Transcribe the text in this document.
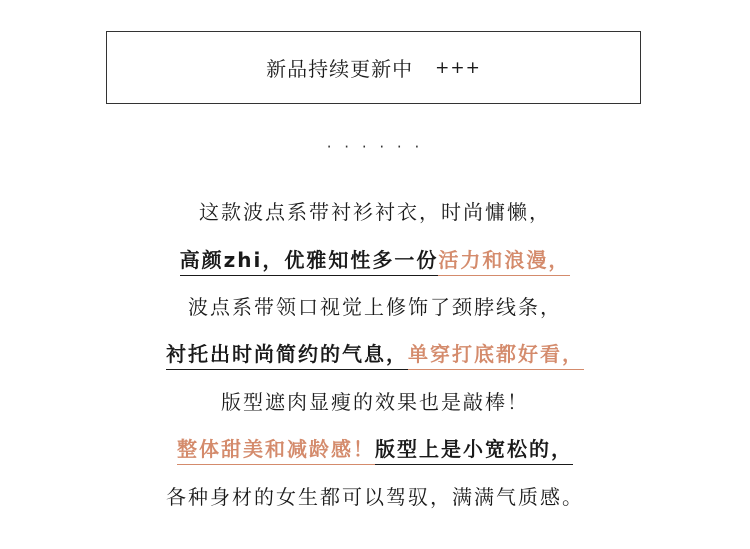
新品持续更新中 +++
· · · · · ·
这款波点系带衬衫衬衣，时尚慵懒，
高颜zhi，优雅知性多一份活力和浪漫，
波点系带领口视觉上修饰了颈脖线条，
衬托出时尚简约的气息，单穿打底都好看，
版型遮肉显瘦的效果也是敲棒！
整体甜美和减龄感！版型上是小宽松的，
各种身材的女生都可以驾驭，满满气质感。
